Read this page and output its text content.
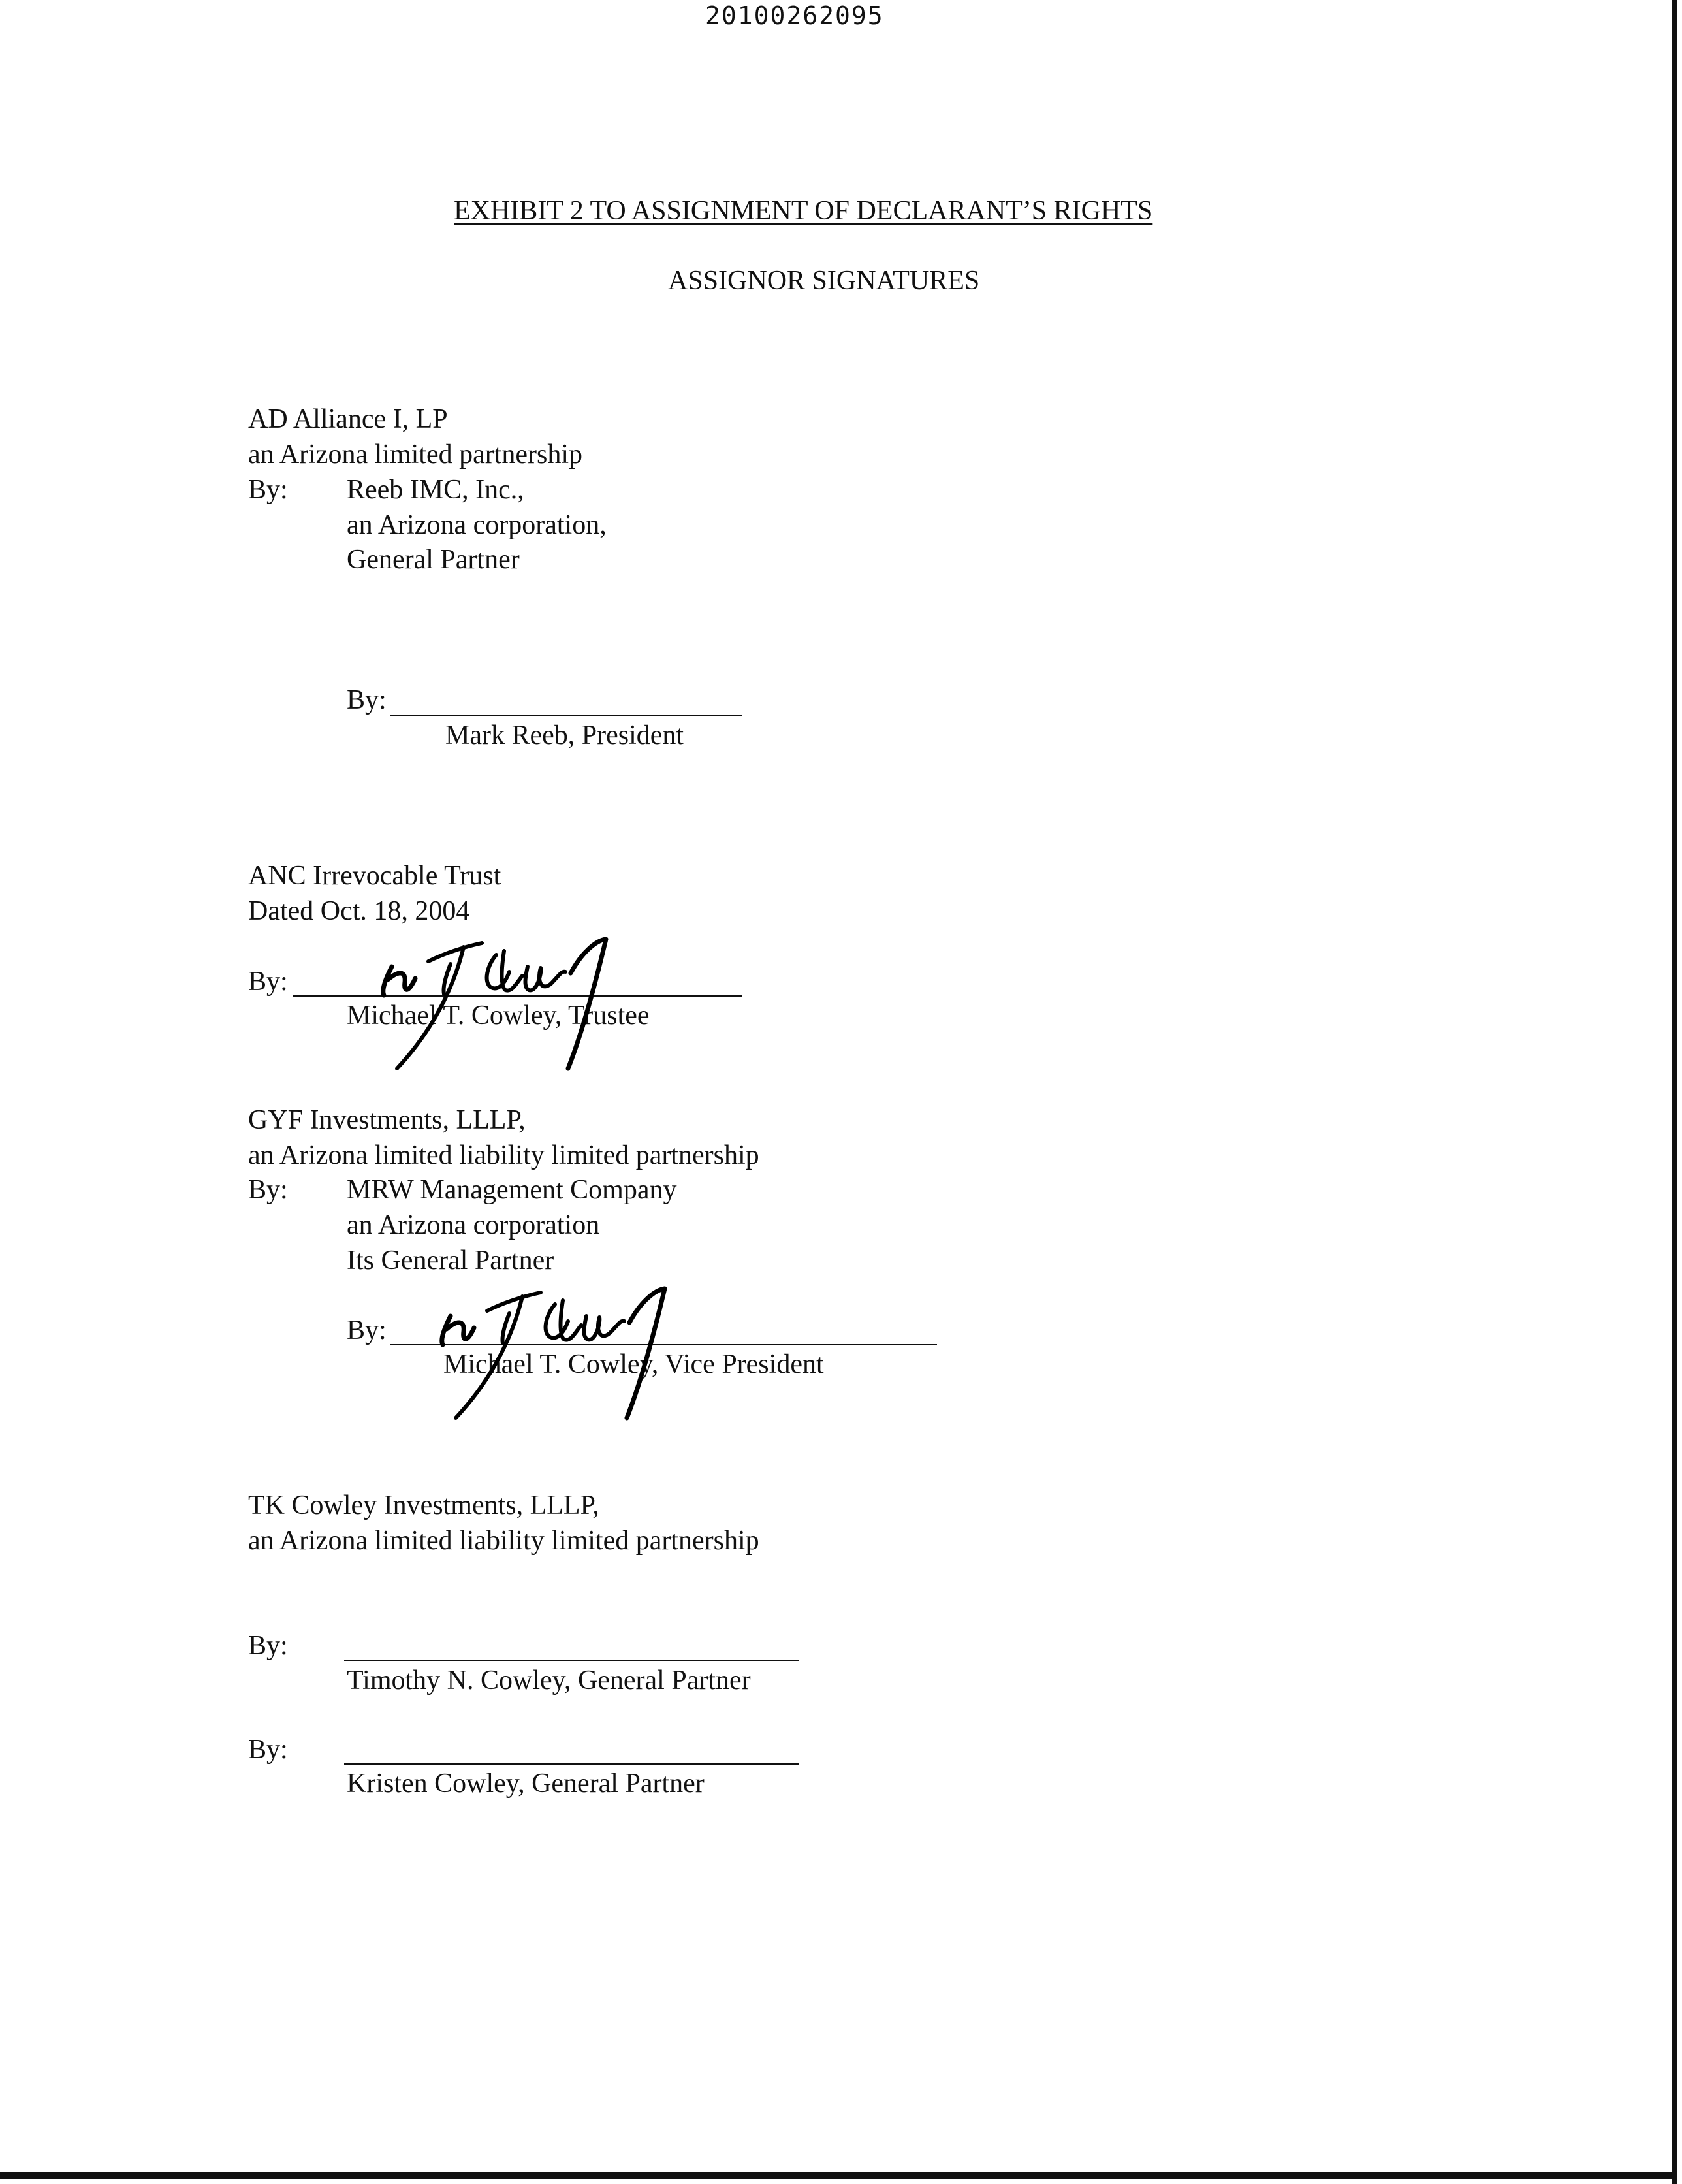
20100262095
EXHIBIT 2 TO ASSIGNMENT OF DECLARANT’S RIGHTS
ASSIGNOR SIGNATURES
AD Alliance I, LP
an Arizona limited partnership
By: Reeb IMC, Inc.,
an Arizona corporation,
General Partner
By:
Mark Reeb, President
ANC Irrevocable Trust
Dated Oct. 18, 2004
By:
Michael T. Cowley, Trustee
GYF Investments, LLLP,
an Arizona limited liability limited partnership
By: MRW Management Company
an Arizona corporation
Its General Partner
By:
Michael T. Cowley, Vice President
TK Cowley Investments, LLLP,
an Arizona limited liability limited partnership
By:
Timothy N. Cowley, General Partner
By:
Kristen Cowley, General Partner
